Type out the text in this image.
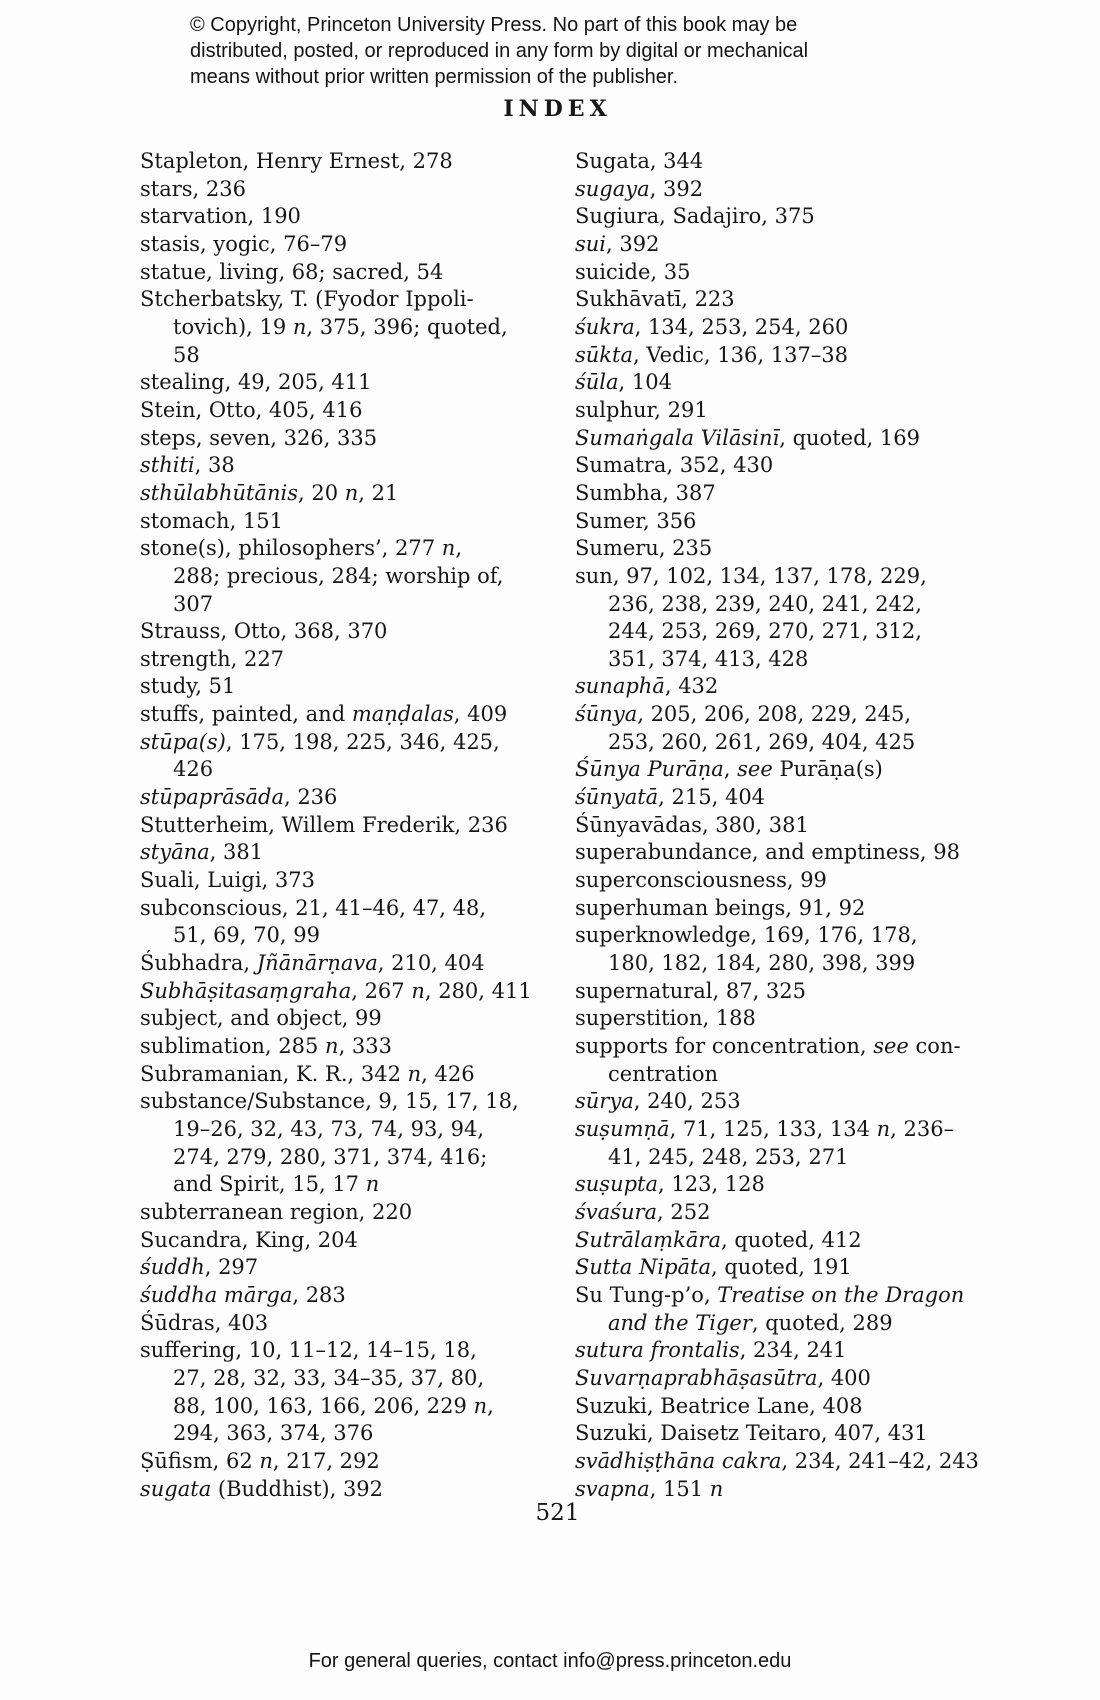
© Copyright, Princeton University Press. No part of this book may be
distributed, posted, or reproduced in any form by digital or mechanical
means without prior written permission of the publisher.
INDEX
Stapleton, Henry Ernest, 278
stars, 236
starvation, 190
stasis, yogic, 76–79
statue, living, 68; sacred, 54
Stcherbatsky, T. (Fyodor Ippoli-
tovich), 19 n, 375, 396; quoted,
58
stealing, 49, 205, 411
Stein, Otto, 405, 416
steps, seven, 326, 335
sthiti, 38
sthūlabhūtānis, 20 n, 21
stomach, 151
stone(s), philosophers’, 277 n,
288; precious, 284; worship of,
307
Strauss, Otto, 368, 370
strength, 227
study, 51
stuffs, painted, and maṇḍalas, 409
stūpa(s), 175, 198, 225, 346, 425,
426
stūpaprāsāda, 236
Stutterheim, Willem Frederik, 236
styāna, 381
Suali, Luigi, 373
subconscious, 21, 41–46, 47, 48,
51, 69, 70, 99
Śubhadra, Jñānārṇava, 210, 404
Subhāṣitasaṃgraha, 267 n, 280, 411
subject, and object, 99
sublimation, 285 n, 333
Subramanian, K. R., 342 n, 426
substance/Substance, 9, 15, 17, 18,
19–26, 32, 43, 73, 74, 93, 94,
274, 279, 280, 371, 374, 416;
and Spirit, 15, 17 n
subterranean region, 220
Sucandra, King, 204
śuddh, 297
śuddha mārga, 283
Śūdras, 403
suffering, 10, 11–12, 14–15, 18,
27, 28, 32, 33, 34–35, 37, 80,
88, 100, 163, 166, 206, 229 n,
294, 363, 374, 376
Ṣūfism, 62 n, 217, 292
sugata (Buddhist), 392
Sugata, 344
sugaya, 392
Sugiura, Sadajiro, 375
sui, 392
suicide, 35
Sukhāvatī, 223
śukra, 134, 253, 254, 260
sūkta, Vedic, 136, 137–38
śūla, 104
sulphur, 291
Sumaṅgala Vilāsinī, quoted, 169
Sumatra, 352, 430
Sumbha, 387
Sumer, 356
Sumeru, 235
sun, 97, 102, 134, 137, 178, 229,
236, 238, 239, 240, 241, 242,
244, 253, 269, 270, 271, 312,
351, 374, 413, 428
sunaphā, 432
śūnya, 205, 206, 208, 229, 245,
253, 260, 261, 269, 404, 425
Śūnya Purāṇa, see Purāṇa(s)
śūnyatā, 215, 404
Śūnyavādas, 380, 381
superabundance, and emptiness, 98
superconsciousness, 99
superhuman beings, 91, 92
superknowledge, 169, 176, 178,
180, 182, 184, 280, 398, 399
supernatural, 87, 325
superstition, 188
supports for concentration, see con-
centration
sūrya, 240, 253
suṣumṇā, 71, 125, 133, 134 n, 236–
41, 245, 248, 253, 271
suṣupta, 123, 128
śvaśura, 252
Sutrālaṃkāra, quoted, 412
Sutta Nipāta, quoted, 191
Su Tung-p’o, Treatise on the Dragon
and the Tiger, quoted, 289
sutura frontalis, 234, 241
Suvarṇaprabhāṣasūtra, 400
Suzuki, Beatrice Lane, 408
Suzuki, Daisetz Teitaro, 407, 431
svādhiṣṭhāna cakra, 234, 241–42, 243
svapna, 151 n
521
For general queries, contact info@press.princeton.edu
